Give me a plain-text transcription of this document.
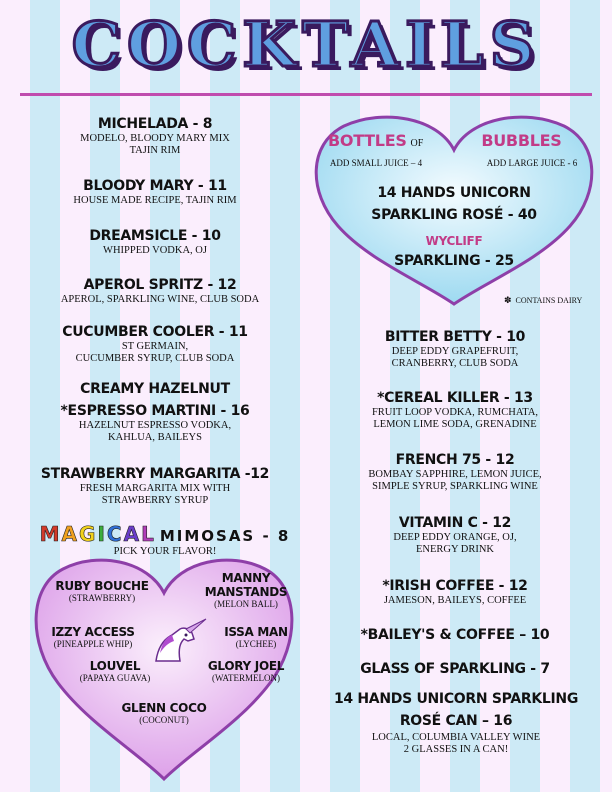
COCKTAILS
MICHELADA - 8
MODELO, BLOODY MARY MIX
TAJIN RIM
BLOODY MARY - 11
HOUSE MADE RECIPE, TAJIN RIM
DREAMSICLE - 10
WHIPPED VODKA, OJ
APEROL SPRITZ - 12
APEROL, SPARKLING WINE, CLUB SODA
CUCUMBER COOLER - 11
ST GERMAIN,
CUCUMBER SYRUP, CLUB SODA
CREAMY HAZELNUT
*ESPRESSO MARTINI - 16
HAZELNUT ESPRESSO VODKA,
KAHLUA, BAILEYS
STRAWBERRY MARGARITA -12
FRESH MARGARITA MIX WITH
STRAWBERRY SYRUP
MAGICAL MIMOSAS - 8
PICK YOUR FLAVOR!
RUBY BOUCHE
(STRAWBERRY)
MANNY MANSTANDS
(MELON BALL)
IZZY ACCESS
(PINEAPPLE WHIP)
ISSA MAN
(LYCHEE)
LOUVEL
(PAPAYA GUAVA)
GLORY JOEL
(WATERMELON)
GLENN COCO
(COCONUT)
BOTTLES OF	BUBBLES
ADD SMALL JUICE – 4	ADD LARGE JUICE - 6
14 HANDS UNICORN
SPARKLING ROSÉ - 40
WYCLIFF
SPARKLING - 25
✽ CONTAINS DAIRY
BITTER BETTY - 10
DEEP EDDY GRAPEFRUIT,
CRANBERRY, CLUB SODA
*CEREAL KILLER - 13
FRUIT LOOP VODKA, RUMCHATA,
LEMON LIME SODA, GRENADINE
FRENCH 75 - 12
BOMBAY SAPPHIRE, LEMON JUICE,
SIMPLE SYRUP, SPARKLING WINE
VITAMIN C - 12
DEEP EDDY ORANGE, OJ,
ENERGY DRINK
*IRISH COFFEE - 12
JAMESON, BAILEYS, COFFEE
*BAILEY'S & COFFEE – 10
GLASS OF SPARKLING - 7
14 HANDS UNICORN SPARKLING
ROSÉ CAN – 16
LOCAL, COLUMBIA VALLEY WINE
2 GLASSES IN A CAN!
